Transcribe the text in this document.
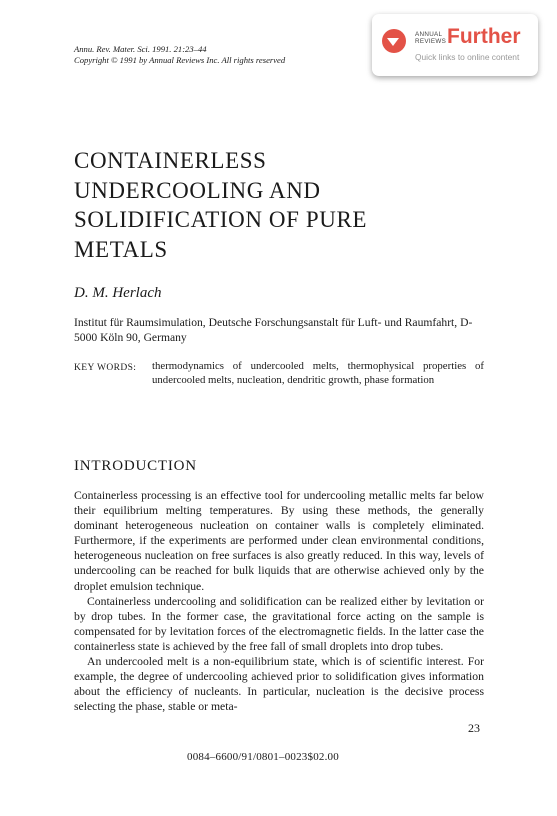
Annu. Rev. Mater. Sci. 1991. 21:23–44
Copyright © 1991 by Annual Reviews Inc. All rights reserved
ANNUAL
REVIEWS Further
Quick links to online content
CONTAINERLESS
UNDERCOOLING AND
SOLIDIFICATION OF PURE
METALS
D. M. Herlach
Institut für Raumsimulation, Deutsche Forschungsanstalt für Luft- und Raumfahrt, D-5000 Köln 90, Germany
KEY WORDS: thermodynamics of undercooled melts, thermophysical properties of undercooled melts, nucleation, dendritic growth, phase formation
INTRODUCTION

Containerless processing is an effective tool for undercooling metallic melts far below their equilibrium melting temperatures. By using these methods, the generally dominant heterogeneous nucleation on container walls is completely eliminated. Furthermore, if the experiments are performed under clean environmental conditions, heterogeneous nucleation on free surfaces is also greatly reduced. In this way, levels of undercooling can be reached for bulk liquids that are otherwise achieved only by the droplet emulsion technique.

Containerless undercooling and solidification can be realized either by levitation or by drop tubes. In the former case, the gravitational force acting on the sample is compensated for by levitation forces of the electromagnetic fields. In the latter case the containerless state is achieved by the free fall of small droplets into drop tubes.

An undercooled melt is a non-equilibrium state, which is of scientific interest. For example, the degree of undercooling achieved prior to solidification gives information about the efficiency of nucleants. In particular, nucleation is the decisive process selecting the phase, stable or meta-

23
0084–6600/91/0801–0023$02.00
